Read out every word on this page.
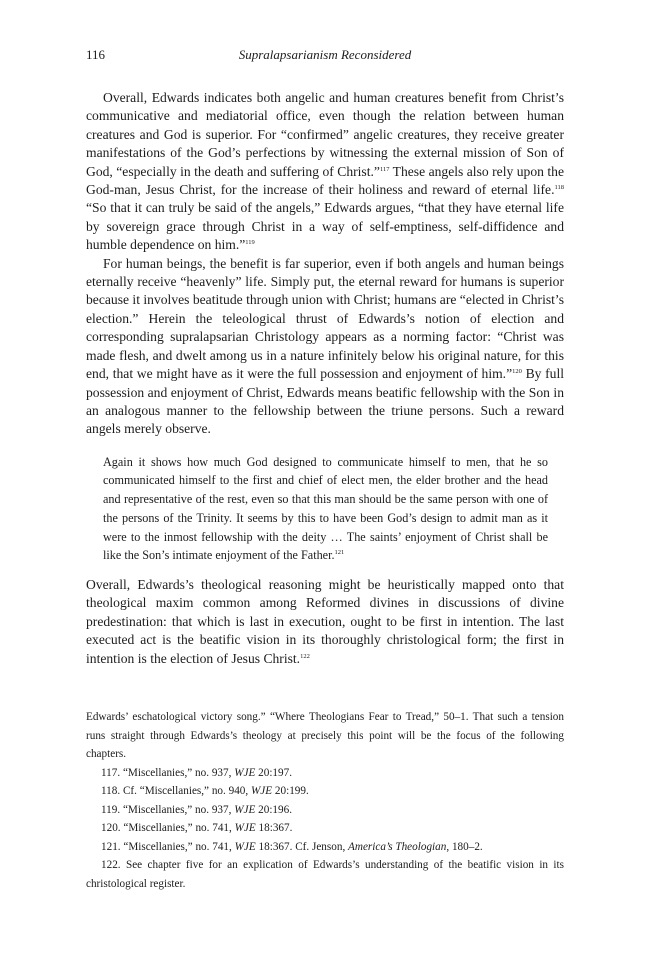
116	Supralapsarianism Reconsidered

Overall, Edwards indicates both angelic and human creatures benefit from Christ’s communicative and mediatorial office, even though the relation between human creatures and God is superior. For “confirmed” angelic creatures, they receive greater manifestations of the God’s perfections by witnessing the external mission of Son of God, “especially in the death and suffering of Christ.”$^{117}$ These angels also rely upon the God-man, Jesus Christ, for the increase of their holiness and reward of eternal life.$^{118}$ “So that it can truly be said of the angels,” Edwards argues, “that they have eternal life by sovereign grace through Christ in a way of self-emptiness, self-diffidence and humble dependence on him.”$^{119}$

For human beings, the benefit is far superior, even if both angels and human beings eternally receive “heavenly” life. Simply put, the eternal reward for humans is superior because it involves beatitude through union with Christ; humans are “elected in Christ’s election.” Herein the teleological thrust of Edwards’s notion of election and corresponding supralapsarian Christology appears as a norming factor: “Christ was made flesh, and dwelt among us in a nature infinitely below his original nature, for this end, that we might have as it were the full possession and enjoyment of him.”$^{120}$ By full possession and enjoyment of Christ, Edwards means beatific fellowship with the Son in an analogous manner to the fellowship between the triune persons. Such a reward angels merely observe.

Again it shows how much God designed to communicate himself to men, that he so communicated himself to the first and chief of elect men, the elder brother and the head and representative of the rest, even so that this man should be the same person with one of the persons of the Trinity. It seems by this to have been God’s design to admit man as it were to the inmost fellowship with the deity … The saints’ enjoyment of Christ shall be like the Son’s intimate enjoyment of the Father.$^{121}$

Overall, Edwards’s theological reasoning might be heuristically mapped onto that theological maxim common among Reformed divines in discussions of divine predestination: that which is last in execution, ought to be first in intention. The last executed act is the beatific vision in its thoroughly christological form; the first in intention is the election of Jesus Christ.$^{122}$

Edwards’ eschatological victory song.” “Where Theologians Fear to Tread,” 50–1. That such a tension runs straight through Edwards’s theology at precisely this point will be the focus of the following chapters.

117. “Miscellanies,” no. 937, WJE 20:197.

118. Cf. “Miscellanies,” no. 940, WJE 20:199.

119. “Miscellanies,” no. 937, WJE 20:196.

120. “Miscellanies,” no. 741, WJE 18:367.

121. “Miscellanies,” no. 741, WJE 18:367. Cf. Jenson, America’s Theologian, 180–2.

122. See chapter five for an explication of Edwards’s understanding of the beatific vision in its christological register.
